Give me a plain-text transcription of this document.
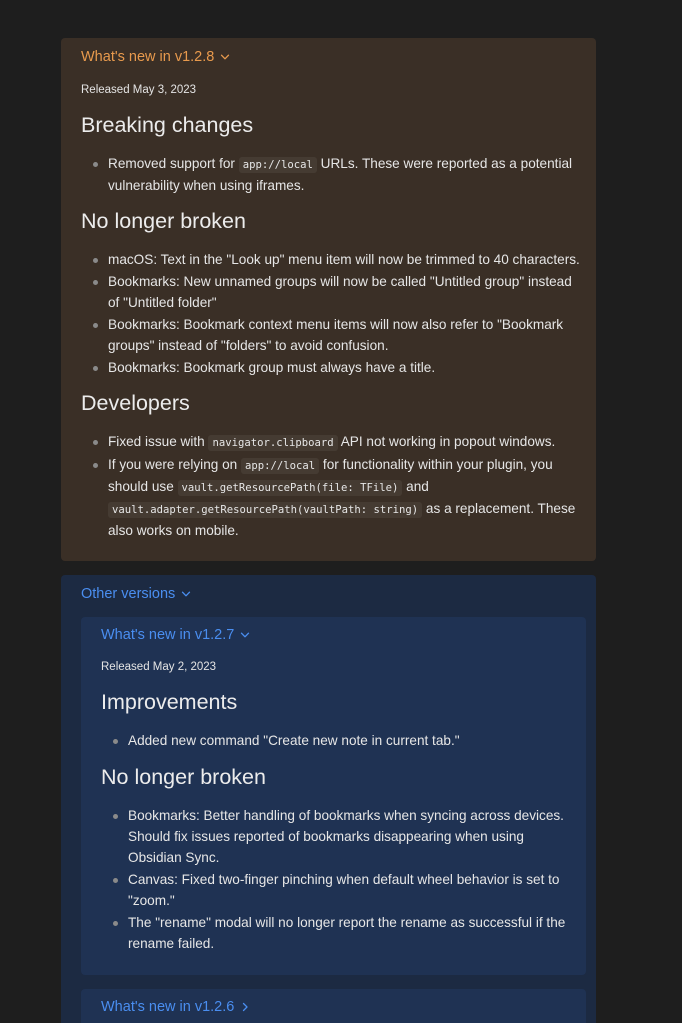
What's new in v1.2.8
Released May 3, 2023
Breaking changes
Removed support for app://local URLs. These were reported as a potential vulnerability when using iframes.
No longer broken
macOS: Text in the "Look up" menu item will now be trimmed to 40 characters.
Bookmarks: New unnamed groups will now be called "Untitled group" instead of "Untitled folder"
Bookmarks: Bookmark context menu items will now also refer to "Bookmark groups" instead of "folders" to avoid confusion.
Bookmarks: Bookmark group must always have a title.
Developers
Fixed issue with navigator.clipboard API not working in popout windows.
If you were relying on app://local for functionality within your plugin, you should use vault.getResourcePath(file: TFile) and vault.adapter.getResourcePath(vaultPath: string) as a replacement. These also works on mobile.
Other versions
What's new in v1.2.7
Released May 2, 2023
Improvements
Added new command "Create new note in current tab."
No longer broken
Bookmarks: Better handling of bookmarks when syncing across devices. Should fix issues reported of bookmarks disappearing when using Obsidian Sync.
Canvas: Fixed two-finger pinching when default wheel behavior is set to "zoom."
The "rename" modal will no longer report the rename as successful if the rename failed.
What's new in v1.2.6
